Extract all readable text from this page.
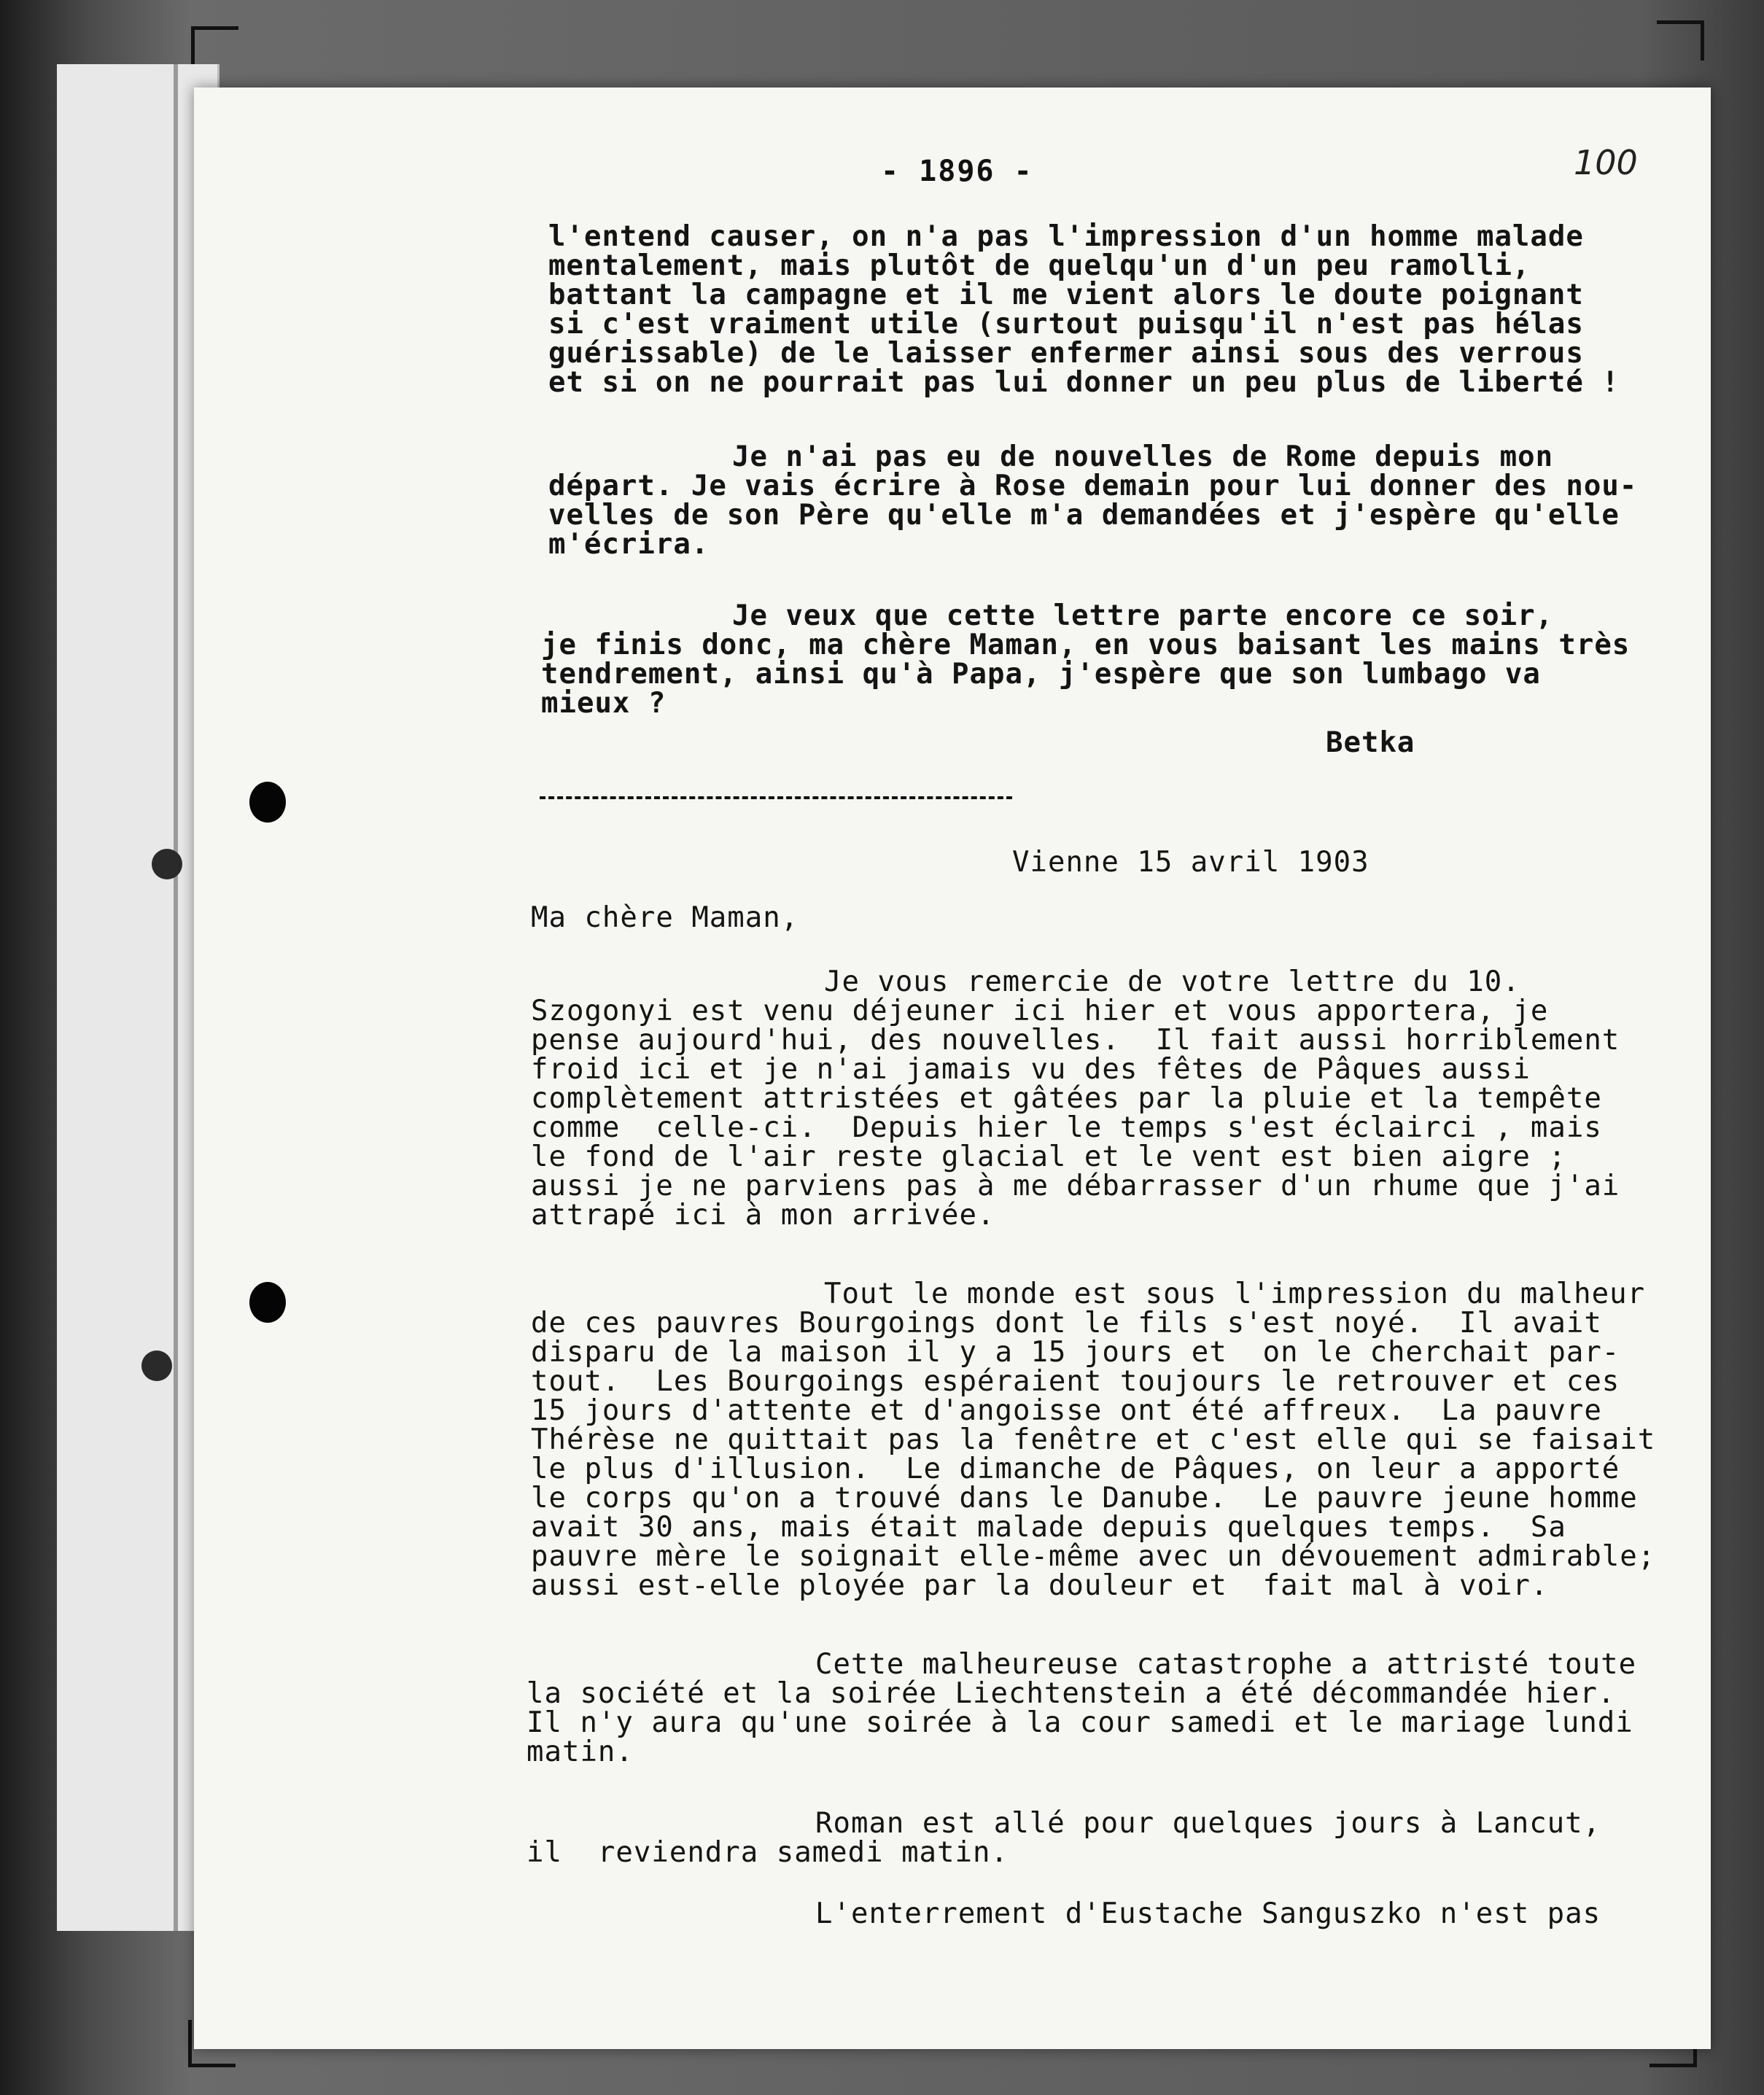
- 1896 -	100
l'entend causer, on n'a pas l'impression d'un homme malade
mentalement, mais plutôt de quelqu'un d'un peu ramolli,
battant la campagne et il me vient alors le doute poignant
si c'est vraiment utile (surtout puisqu'il n'est pas hélas
guérissable) de le laisser enfermer ainsi sous des verrous
et si on ne pourrait pas lui donner un peu plus de liberté !
Je n'ai pas eu de nouvelles de Rome depuis mon
départ. Je vais écrire à Rose demain pour lui donner des nou-
velles de son Père qu'elle m'a demandées et j'espère qu'elle
m'écrira.
Je veux que cette lettre parte encore ce soir,
je finis donc, ma chère Maman, en vous baisant les mains très
tendrement, ainsi qu'à Papa, j'espère que son lumbago va
mieux ?
Betka
Vienne 15 avril 1903
Ma chère Maman,
Je vous remercie de votre lettre du 10.
Szogonyi est venu déjeuner ici hier et vous apportera, je
pense aujourd'hui, des nouvelles.  Il fait aussi horriblement
froid ici et je n'ai jamais vu des fêtes de Pâques aussi
complètement attristées et gâtées par la pluie et la tempête
comme  celle-ci.  Depuis hier le temps s'est éclairci , mais
le fond de l'air reste glacial et le vent est bien aigre ;
aussi je ne parviens pas à me débarrasser d'un rhume que j'ai
attrapé ici à mon arrivée.
Tout le monde est sous l'impression du malheur
de ces pauvres Bourgoings dont le fils s'est noyé.  Il avait
disparu de la maison il y a 15 jours et  on le cherchait par-
tout.  Les Bourgoings espéraient toujours le retrouver et ces
15 jours d'attente et d'angoisse ont été affreux.  La pauvre
Thérèse ne quittait pas la fenêtre et c'est elle qui se faisait
le plus d'illusion.  Le dimanche de Pâques, on leur a apporté
le corps qu'on a trouvé dans le Danube.  Le pauvre jeune homme
avait 30 ans, mais était malade depuis quelques temps.  Sa
pauvre mère le soignait elle-même avec un dévouement admirable;
aussi est-elle ployée par la douleur et  fait mal à voir.
Cette malheureuse catastrophe a attristé toute
la société et la soirée Liechtenstein a été décommandée hier.
Il n'y aura qu'une soirée à la cour samedi et le mariage lundi
matin.
Roman est allé pour quelques jours à Lancut,
il  reviendra samedi matin.
L'enterrement d'Eustache Sanguszko n'est pas
